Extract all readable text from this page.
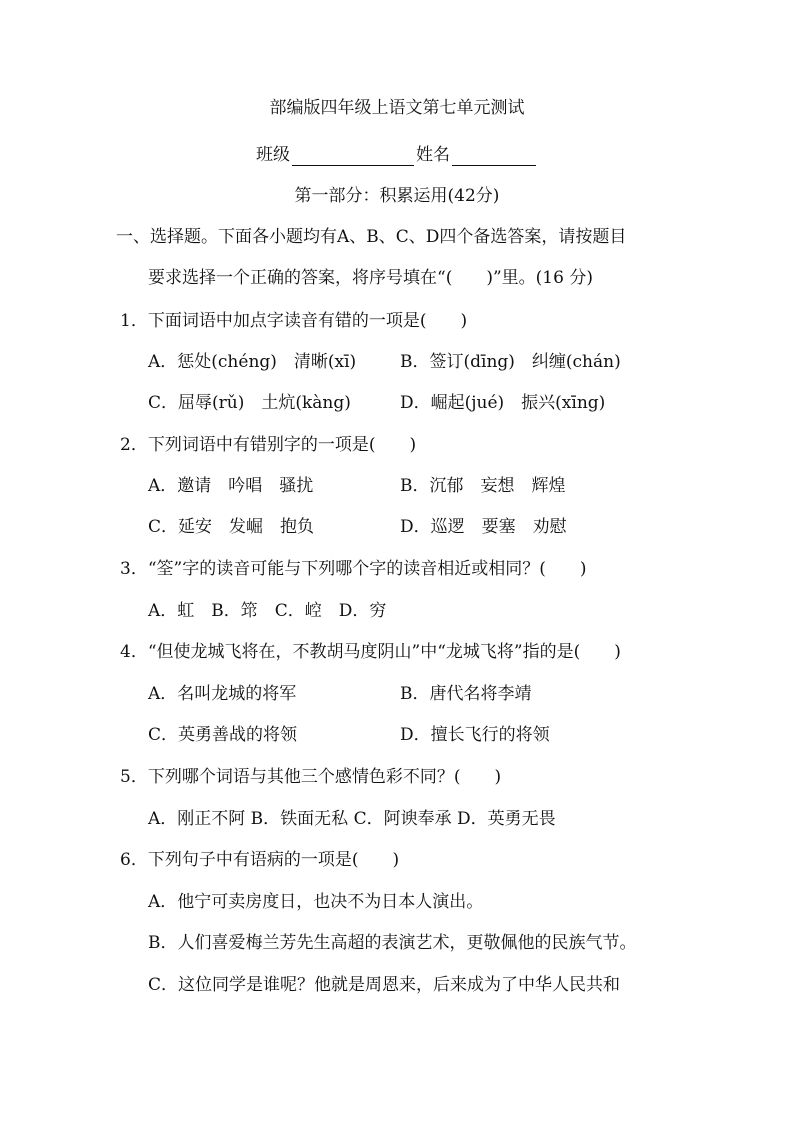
部编版四年级上语文第七单元测试
班级	姓名
第一部分：积累运用(42分)
一、选择题。下面各小题均有A、B、C、D四个备选答案，请按题目
要求选择一个正确的答案，将序号填在“(　　)”里。(16 分)
1．下面词语中加点字读音有错的一项是(　　)
A．惩处(chéng)　清晰(xī)	B．签订(dīng)　纠缠(chán)
C．屈辱(rǔ)　土炕(kàng)	D．崛起(jué)　振兴(xīng)
2．下列词语中有错别字的一项是(　　)
A．邀请　吟唱　骚扰	B．沉郁　妄想　辉煌
C．延安　发崛　抱负	D．巡逻　要塞　劝慰
3．“筌”字的读音可能与下列哪个字的读音相近或相同？(　　)
A．虹　B．筇　C．崆　D．穷
4．“但使龙城飞将在，不教胡马度阴山”中“龙城飞将”指的是(　　)
A．名叫龙城的将军	B．唐代名将李靖
C．英勇善战的将领	D．擅长飞行的将领
5．下列哪个词语与其他三个感情色彩不同？(　　)
A．刚正不阿 B．铁面无私 C．阿谀奉承 D．英勇无畏
6．下列句子中有语病的一项是(　　)
A．他宁可卖房度日，也决不为日本人演出。
B．人们喜爱梅兰芳先生高超的表演艺术，更敬佩他的民族气节。
C．这位同学是谁呢？他就是周恩来，后来成为了中华人民共和
